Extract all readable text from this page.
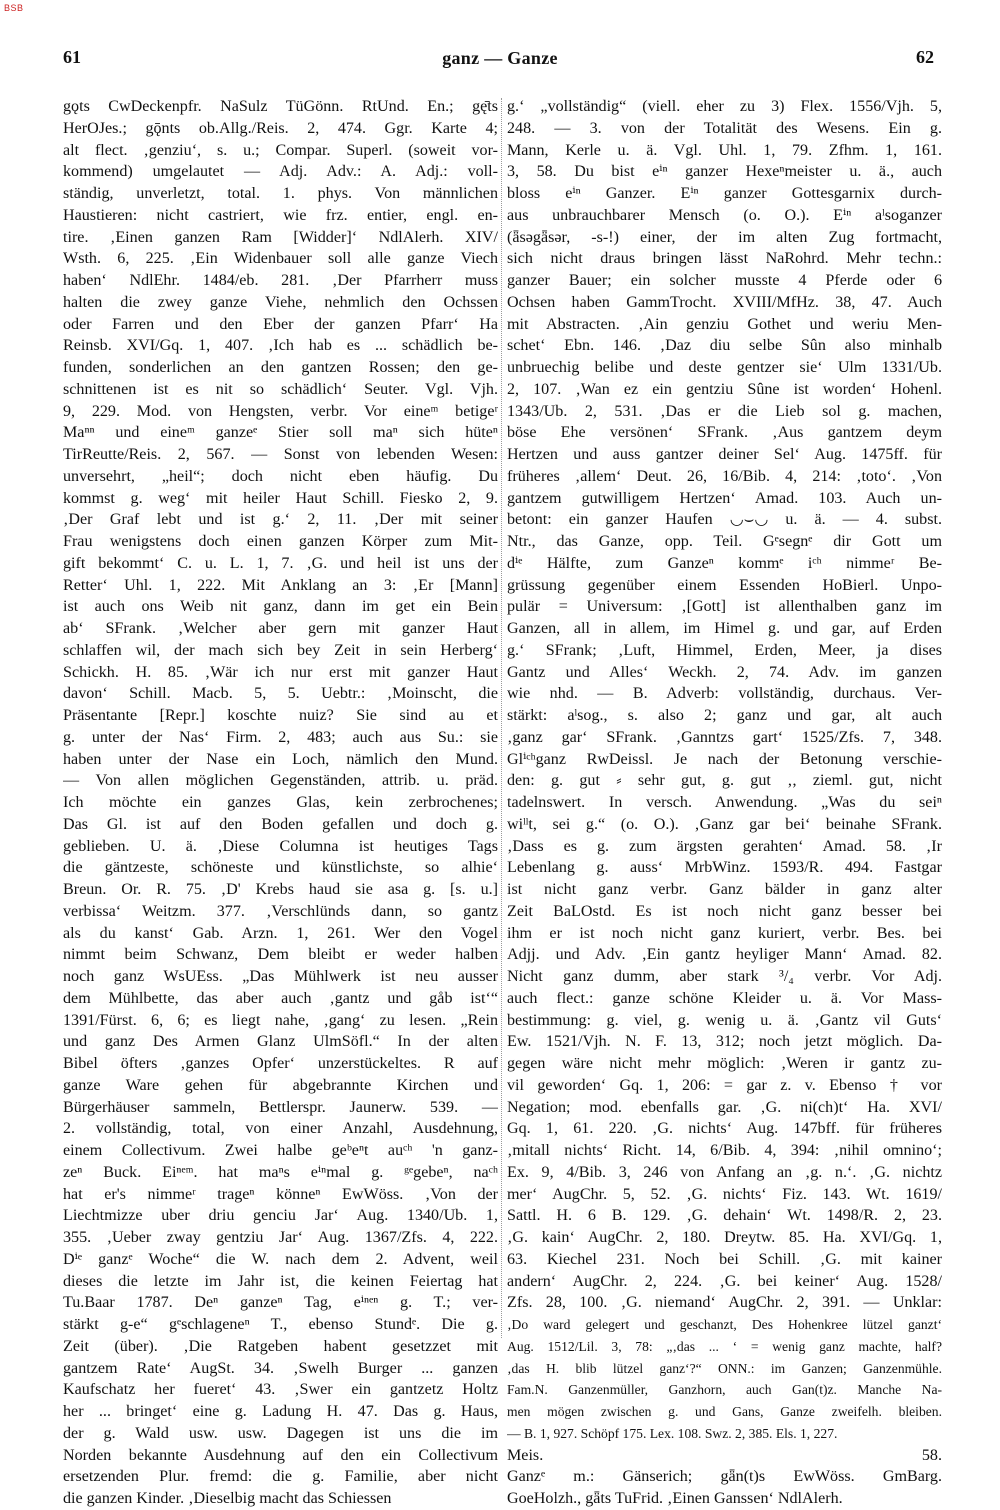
BSB
61	ganz — Ganze	62
gǫts CwDeckenpfr. NaSulz TüGönn. RtUnd. En.; gę̄ts
HerOJes.; gǭnts ob.Allg./Reis. 2, 474. Ggr. Karte 4;
alt flect. ‚genziu‘, s. u.; Compar. Superl. (soweit vor-
kommend) umgelautet — Adj. Adv.: A. Adj.: voll-
ständig, unverletzt, total. 1. phys. Von männlichen
Haustieren: nicht castriert, wie frz. entier, engl. en-
tire. ‚Einen ganzen Ram [Widder]‘ NdlAlerh. XIV/
Wsth. 6, 225. ‚Ein Widenbauer soll alle ganze Viech
haben‘ NdlEhr. 1484/eb. 281. ‚Der Pfarrherr muss
halten die zwey ganze Viehe, nehmlich den Ochssen
oder Farren und den Eber der ganzen Pfarr‘ Ha
Reinsb. XVI/Gq. 1, 407. ‚Ich hab es ... schädlich be-
funden, sonderlichen an den gantzen Rossen; den ge-
schnittenen ist es nit so schädlich‘ Seuter. Vgl. Vjh.
9, 229. Mod. von Hengsten, verbr. Vor eineᵐ betigeʳ
Maⁿⁿ und eineᵐ ganzeᵉ Stier soll maⁿ sich hüteⁿ
TirReutte/Reis. 2, 567. — Sonst von lebenden Wesen:
unversehrt, „heil“; doch nicht eben häufig. Du
kommst g. weg‘ mit heiler Haut Schill. Fiesko 2, 9.
‚Der Graf lebt und ist g.‘ 2, 11. ‚Der mit seiner
Frau wenigstens doch einen ganzen Körper zum Mit-
gift bekommt‘ C. u. L. 1, 7. ‚G. und heil ist uns der
Retter‘ Uhl. 1, 222. Mit Anklang an 3: ‚Er [Mann]
ist auch ons Weib nit ganz, dann im get ein Bein
ab‘ SFrank. ‚Welcher aber gern mit ganzer Haut
schlaffen wil, der mach sich bey Zeit in sein Herberg‘
Schickh. H. 85. ‚Wär ich nur erst mit ganzer Haut
davon‘ Schill. Macb. 5, 5. Uebtr.: ‚Moinscht, die
Präsentante [Repr.] koschte nuiz? Sie sind au et
g. unter der Nas‘ Firm. 2, 483; auch aus Su.: sie
haben unter der Nase ein Loch, nämlich den Mund.
— Von allen möglichen Gegenständen, attrib. u. präd.
Ich möchte ein ganzes Glas, kein zerbrochenes;
Das Gl. ist auf den Boden gefallen und doch g.
geblieben. U. ä. ‚Diese Columna ist heutiges Tags
die gäntzeste, schöneste und künstlichste, so alhie‘
Breun. Or. R. 75. ‚D' Krebs haud sie asa g. [s. u.]
verbissa‘ Weitzm. 377. ‚Verschlünds dann, so gantz
als du kanst‘ Gab. Arzn. 1, 261. Wer den Vogel
nimmt beim Schwanz, Dem bleibt er weder halben
noch ganz WsUEss. „Das Mühlwerk ist neu ausser
dem Mühlbette, das aber auch ‚gantz und gåb ist‘“
1391/Fürst. 6, 6; es liegt nahe, ‚gang‘ zu lesen. „Rein
und ganz Des Armen Glanz UlmSöfl.“ In der alten
Bibel öfters ‚ganzes Opfer‘ unzerstückeltes. R auf
ganze Ware gehen für abgebrannte Kirchen und
Bürgerhäuser sammeln, Bettlerspr. Jaunerw. 539. —
2. vollständig, total, von einer Anzahl, Ausdehnung,
einem Collectivum. Zwei halbe geᵇeⁿt auᶜʰ 'n ganz-
zeⁿ Buck. Eiⁿᵉᵐ. hat maⁿs eⁱⁿmal g. ᵍᵉgebeⁿ, naᶜʰ
hat er's nimmeʳ trageⁿ könneⁿ EwWöss. ‚Von der
Liechtmizze uber driu genciu Jar‘ Aug. 1340/Ub. 1,
355. ‚Ueber zway gentziu Jar‘ Aug. 1367/Zfs. 4, 222.
Dⁱᵉ ganzᵉ Woche“ die W. nach dem 2. Advent, weil
dieses die letzte im Jahr ist, die keinen Feiertag hat
Tu.Baar 1787. Deⁿ ganzeⁿ Tag, eⁱⁿᵉⁿ g. T.; ver-
stärkt g-e“ gᵉschlageneⁿ T., ebenso Stundᵉ. Die g.
Zeit (über). ‚Die Ratgeben habent gesetzzet mit
gantzem Rate‘ AugSt. 34. ‚Swelh Burger ... ganzen
Kaufschatz her fueret‘ 43. ‚Swer ein gantzetz Holtz
her ... bringet‘ eine g. Ladung H. 47. Das g. Haus,
der g. Wald usw. usw. Dagegen ist uns die im
Norden bekannte Ausdehnung auf den ein Collectivum
ersetzenden Plur. fremd: die g. Familie, aber nicht
die ganzen Kinder. ‚Dieselbig macht das Schiessen
g.‘ „vollständig“ (viell. eher zu 3) Flex. 1556/Vjh. 5,
248. — 3. von der Totalität des Wesens. Ein g.
Mann, Kerle u. ä. Vgl. Uhl. 1, 79. Zfhm. 1, 161.
3, 58. Du bist eⁱⁿ ganzer Hexeⁿmeister u. ä., auch
bloss eⁱⁿ Ganzer. Eⁱⁿ ganzer Gottesgarnix durch-
aus unbrauchbarer Mensch (o. O.). Eⁱⁿ aˡsoganzer
(ǟsəgǟsər, -s-!) einer, der im alten Zug fortmacht,
sich nicht draus bringen lässt NaRohrd. Mehr techn.:
ganzer Bauer; ein solcher musste 4 Pferde oder 6
Ochsen haben GammTrocht. XVIII/MfHz. 38, 47. Auch
mit Abstracten. ‚Ain genziu Gothet und weriu Men-
schet‘ Ebn. 146. ‚Daz diu selbe Sûn also minhalb
unbruechig belibe und deste gentzer sie‘ Ulm 1331/Ub.
2, 107. ‚Wan ez ein gentziu Sûne ist worden‘ Hohenl.
1343/Ub. 2, 531. ‚Das er die Lieb sol g. machen,
böse Ehe versönen‘ SFrank. ‚Aus gantzem deym
Hertzen und auss gantzer deiner Sel‘ Aug. 1475ff. für
früheres ‚allem‘ Deut. 26, 16/Bib. 4, 214: ‚toto‘. ‚Von
gantzem gutwilligem Hertzen‘ Amad. 103. Auch un-
betont: ein ganzer Haufen ◡⌣◡ u. ä. — 4. subst.
Ntr., das Ganze, opp. Teil. Gᵉsegnᵉ dir Gott um
dⁱᵉ Hälfte, zum Ganzeⁿ kommᵉ iᶜʰ nimmeʳ Be-
grüssung gegenüber einem Essenden HoBierl. Unpo-
pulär = Universum: ‚[Gott] ist allenthalben ganz im
Ganzen, all in allem, im Himel g. und gar, auf Erden
g.‘ SFrank; ‚Luft, Himmel, Erden, Meer, ja dises
Gantz und Alles‘ Weckh. 2, 74. Adv. im ganzen
wie nhd. — B. Adverb: vollständig, durchaus. Ver-
stärkt: aˡsog., s. also 2; ganz und gar, alt auch
‚ganz gar‘ SFrank. ‚Ganntzs gart‘ 1525/Zfs. 7, 348.
Glⁱᶜʰganz RwDeissl. Je nach der Betonung verschie-
den: g. gut ⸗ sehr gut, g. gut ‚, zieml. gut, nicht
tadelnswert. In versch. Anwendung. „Was du seiⁿ
wiˡˡt, sei g.“ (o. O.). ‚Ganz gar bei‘ beinahe SFrank.
‚Dass es g. zum ärgsten gerahten‘ Amad. 58. ‚Ir
Lebenlang g. auss‘ MrbWinz. 1593/R. 494. Fastgar
ist nicht ganz verbr. Ganz bälder in ganz alter
Zeit BaLOstd. Es ist noch nicht ganz besser bei
ihm er ist noch nicht ganz kuriert, verbr. Bes. bei
Adjj. und Adv. ‚Ein gantz heyliger Mann‘ Amad. 82.
Nicht ganz dumm, aber stark ³/₄ verbr. Vor Adj.
auch flect.: ganze schöne Kleider u. ä. Vor Mass-
bestimmung: g. viel, g. wenig u. ä. ‚Gantz vil Guts‘
Ew. 1521/Vjh. N. F. 13, 312; noch jetzt möglich. Da-
gegen wäre nicht mehr möglich: ‚Weren ir gantz zu-
vil geworden‘ Gq. 1, 206: = gar z. v. Ebenso † vor
Negation; mod. ebenfalls gar. ‚G. ni(ch)t‘ Ha. XVI/
Gq. 1, 61. 220. ‚G. nichts‘ Aug. 147bff. für früheres
‚mitall nichts‘ Richt. 14, 6/Bib. 4, 394: ‚nihil omnino‘;
Ex. 9, 4/Bib. 3, 246 von Anfang an ‚g. n.‘. ‚G. nichtz
mer‘ AugChr. 5, 52. ‚G. nichts‘ Fiz. 143. Wt. 1619/
Sattl. H. 6 B. 129. ‚G. dehain‘ Wt. 1498/R. 2, 23.
‚G. kain‘ AugChr. 2, 180. Dreytw. 85. Ha. XVI/Gq. 1,
63. Kiechel 231. Noch bei Schill. ‚G. mit kainer
andern‘ AugChr. 2, 224. ‚G. bei keiner‘ Aug. 1528/
Zfs. 28, 100. ‚G. niemand‘ AugChr. 2, 391. — Unklar:
‚Do ward gelegert und geschanzt, Des Hohenkree lützel ganzt‘
Aug. 1512/Lil. 3, 78: „‚das ... ‘ = wenig ganz machte, half?
‚das H. blib lützel ganz‘?“ ONN.: im Ganzen; Ganzenmühle.
Fam.N. Ganzenmüller, Ganzhorn, auch Gan(t)z. Manche Na-
men mögen zwischen g. und Gans, Ganze zweifelh. bleiben.
— B. 1, 927. Schöpf 175. Lex. 108. Swz. 2, 385. Els. 1, 227.
Meis. 58.
Ganzᵉ m.: Gänserich; gǟn(t)s EwWöss. GmBarg.
GoeHolzh., gǟts TuFrid. ‚Einen Ganssen‘ NdlAlerh.
